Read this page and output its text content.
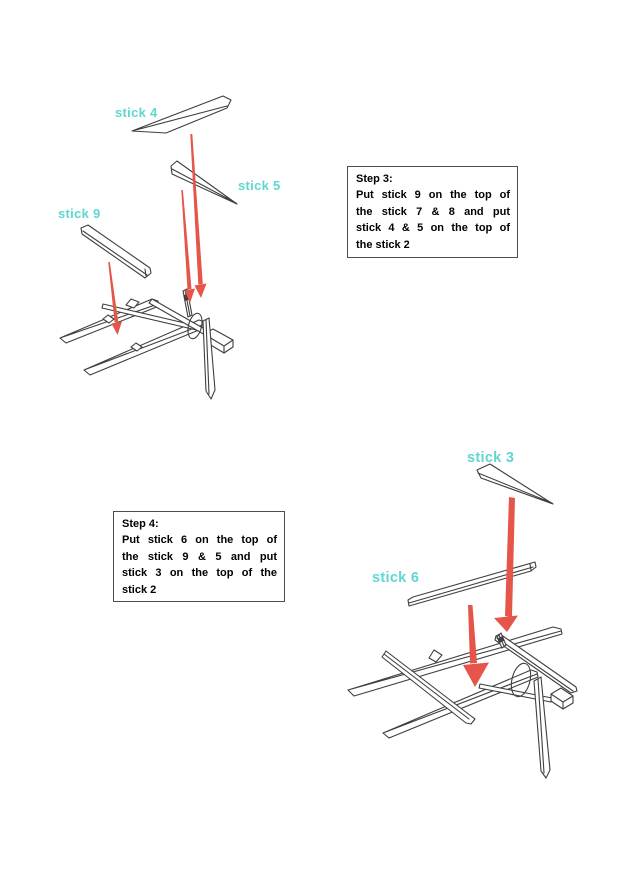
stick 4
stick 5
stick 9
stick 3
stick 6
Step 3:
Put stick 9 on the top of
the stick 7 & 8 and put
stick 4 & 5 on the top of
the stick 2
Step 4:
Put stick 6 on the top of
the stick 9 & 5 and put
stick 3 on the top of the
stick 2
